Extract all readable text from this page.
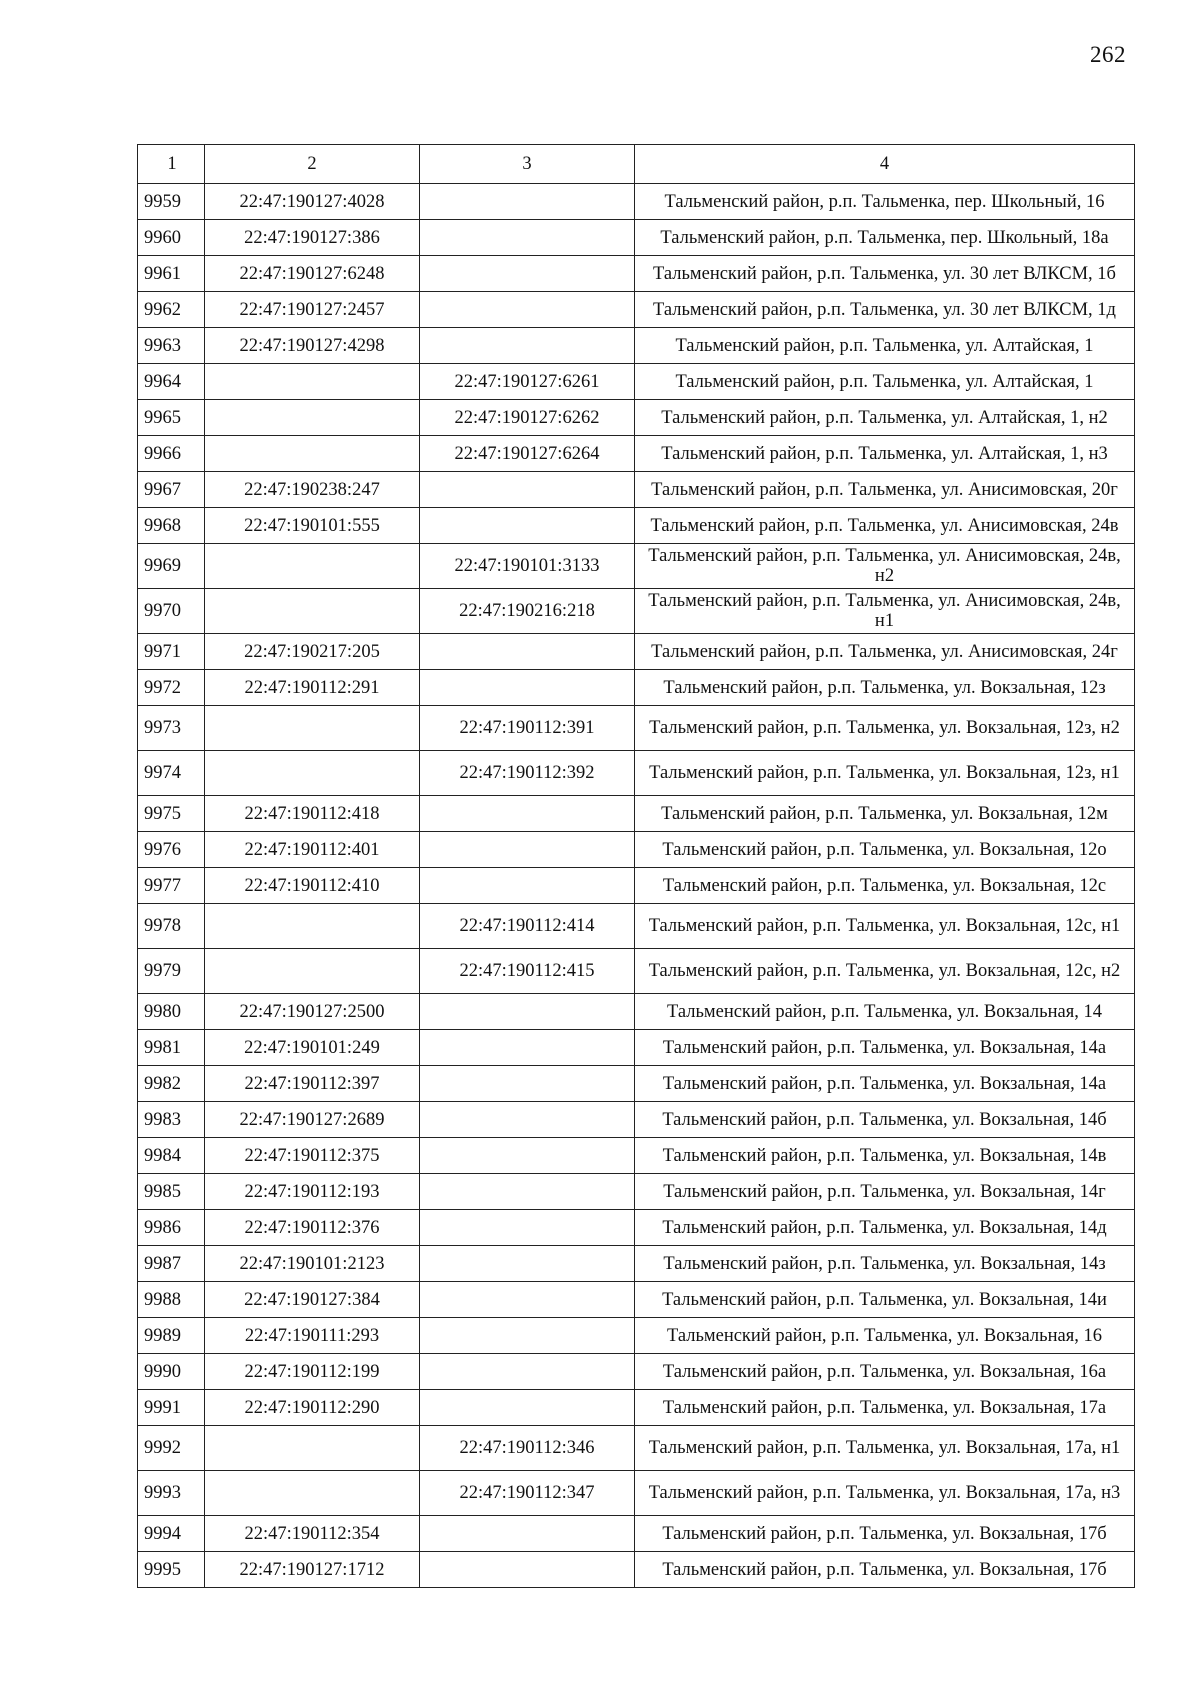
262
1	2	3	4
9959	22:47:190127:4028		Тальменский район, р.п. Тальменка, пер. Школьный, 16
9960	22:47:190127:386		Тальменский район, р.п. Тальменка, пер. Школьный, 18а
9961	22:47:190127:6248		Тальменский район, р.п. Тальменка, ул. 30 лет ВЛКСМ, 1б
9962	22:47:190127:2457		Тальменский район, р.п. Тальменка, ул. 30 лет ВЛКСМ, 1д
9963	22:47:190127:4298		Тальменский район, р.п. Тальменка, ул. Алтайская, 1
9964		22:47:190127:6261	Тальменский район, р.п. Тальменка, ул. Алтайская, 1
9965		22:47:190127:6262	Тальменский район, р.п. Тальменка, ул. Алтайская, 1, н2
9966		22:47:190127:6264	Тальменский район, р.п. Тальменка, ул. Алтайская, 1, н3
9967	22:47:190238:247		Тальменский район, р.п. Тальменка, ул. Анисимовская, 20г
9968	22:47:190101:555		Тальменский район, р.п. Тальменка, ул. Анисимовская, 24в
9969		22:47:190101:3133	Тальменский район, р.п. Тальменка, ул. Анисимовская, 24в, н2
9970		22:47:190216:218	Тальменский район, р.п. Тальменка, ул. Анисимовская, 24в, н1
9971	22:47:190217:205		Тальменский район, р.п. Тальменка, ул. Анисимовская, 24г
9972	22:47:190112:291		Тальменский район, р.п. Тальменка, ул. Вокзальная, 12з
9973		22:47:190112:391	Тальменский район, р.п. Тальменка, ул. Вокзальная, 12з, н2
9974		22:47:190112:392	Тальменский район, р.п. Тальменка, ул. Вокзальная, 12з, н1
9975	22:47:190112:418		Тальменский район, р.п. Тальменка, ул. Вокзальная, 12м
9976	22:47:190112:401		Тальменский район, р.п. Тальменка, ул. Вокзальная, 12о
9977	22:47:190112:410		Тальменский район, р.п. Тальменка, ул. Вокзальная, 12с
9978		22:47:190112:414	Тальменский район, р.п. Тальменка, ул. Вокзальная, 12с, н1
9979		22:47:190112:415	Тальменский район, р.п. Тальменка, ул. Вокзальная, 12с, н2
9980	22:47:190127:2500		Тальменский район, р.п. Тальменка, ул. Вокзальная, 14
9981	22:47:190101:249		Тальменский район, р.п. Тальменка, ул. Вокзальная, 14а
9982	22:47:190112:397		Тальменский район, р.п. Тальменка, ул. Вокзальная, 14а
9983	22:47:190127:2689		Тальменский район, р.п. Тальменка, ул. Вокзальная, 14б
9984	22:47:190112:375		Тальменский район, р.п. Тальменка, ул. Вокзальная, 14в
9985	22:47:190112:193		Тальменский район, р.п. Тальменка, ул. Вокзальная, 14г
9986	22:47:190112:376		Тальменский район, р.п. Тальменка, ул. Вокзальная, 14д
9987	22:47:190101:2123		Тальменский район, р.п. Тальменка, ул. Вокзальная, 14з
9988	22:47:190127:384		Тальменский район, р.п. Тальменка, ул. Вокзальная, 14и
9989	22:47:190111:293		Тальменский район, р.п. Тальменка, ул. Вокзальная, 16
9990	22:47:190112:199		Тальменский район, р.п. Тальменка, ул. Вокзальная, 16а
9991	22:47:190112:290		Тальменский район, р.п. Тальменка, ул. Вокзальная, 17а
9992		22:47:190112:346	Тальменский район, р.п. Тальменка, ул. Вокзальная, 17а, н1
9993		22:47:190112:347	Тальменский район, р.п. Тальменка, ул. Вокзальная, 17а, н3
9994	22:47:190112:354		Тальменский район, р.п. Тальменка, ул. Вокзальная, 17б
9995	22:47:190127:1712		Тальменский район, р.п. Тальменка, ул. Вокзальная, 17б
